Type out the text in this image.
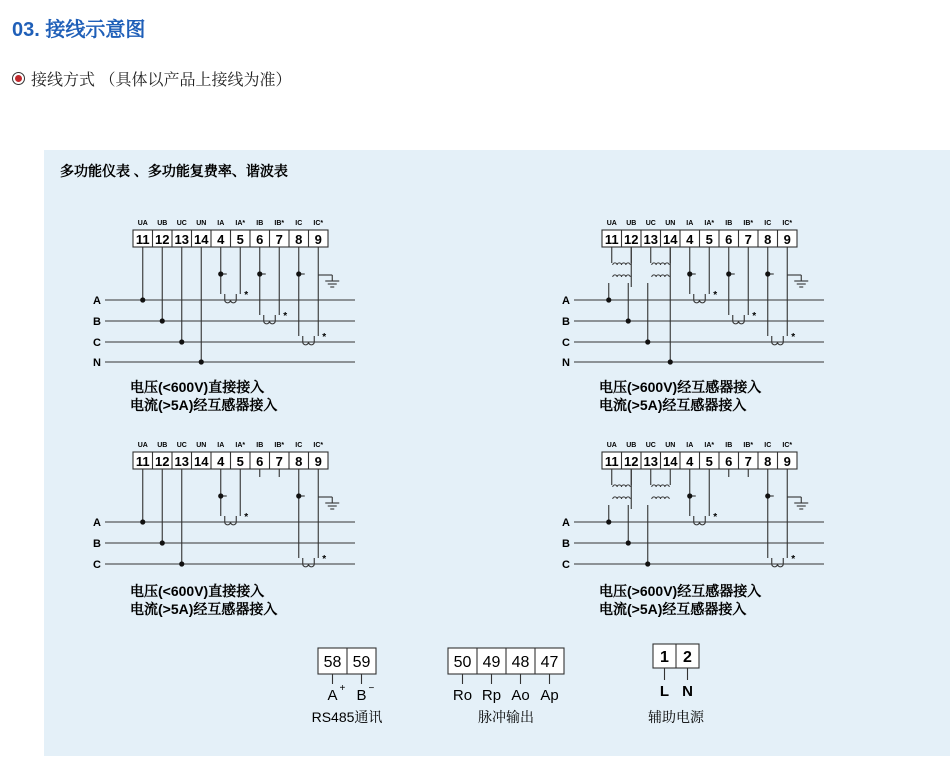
03. 接线示意图
接线方式 （具体以产品上接线为准）
多功能仪表 、多功能复费率、谐波表
11
UA
12
UB
13
UC
14
UN
4
IA
5
IA*
6
IB
7
IB*
8
IC
9
IC*
A
B
C
N
*
*
*
电压(<600V)直接接入
电流(>5A)经互感器接入
11
UA
12
UB
13
UC
14
UN
4
IA
5
IA*
6
IB
7
IB*
8
IC
9
IC*
A
B
C
N
*
*
*
电压(>600V)经互感器接入
电流(>5A)经互感器接入
11
UA
12
UB
13
UC
14
UN
4
IA
5
IA*
6
IB
7
IB*
8
IC
9
IC*
A
B
C
*
*
电压(<600V)直接接入
电流(>5A)经互感器接入
11
UA
12
UB
13
UC
14
UN
4
IA
5
IA*
6
IB
7
IB*
8
IC
9
IC*
A
B
C
*
*
电压(>600V)经互感器接入
电流(>5A)经互感器接入
58
A +
59
B −
RS485通讯
50
Ro
49
Rp
48
Ao
47
Ap
脉冲输出
1
L
2
N
辅助电源
